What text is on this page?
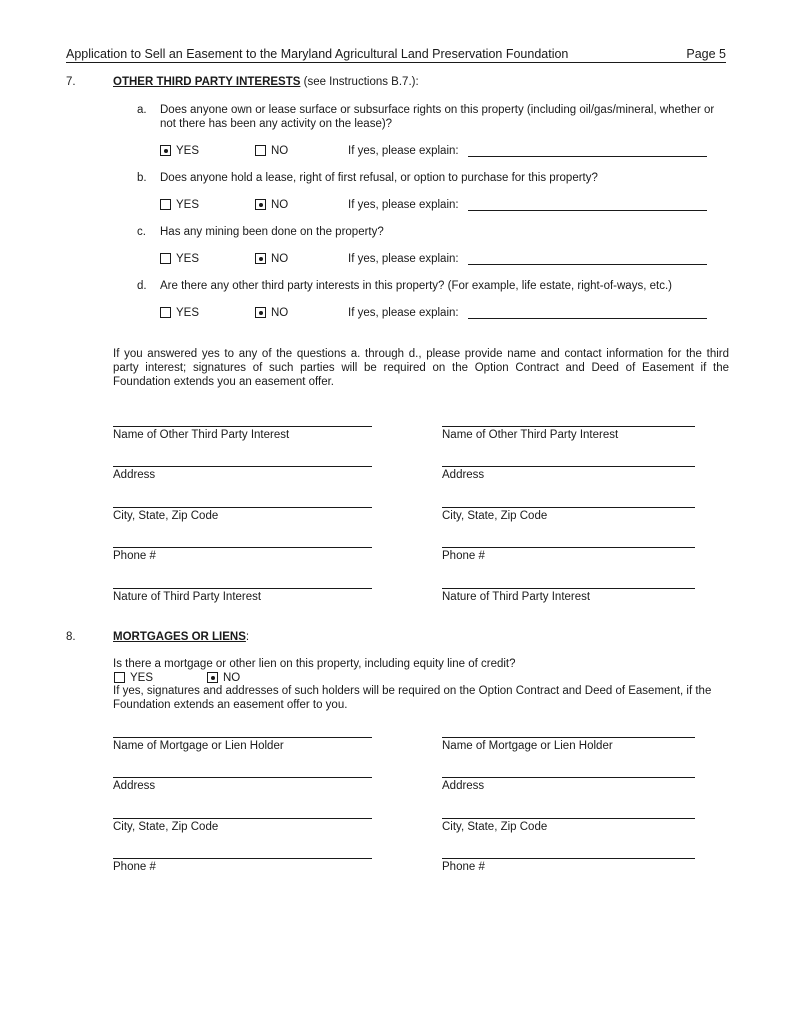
Application to Sell an Easement to the Maryland Agricultural Land Preservation Foundation	Page 5
7.	OTHER THIRD PARTY INTERESTS (see Instructions B.7.):
a. Does anyone own or lease surface or subsurface rights on this property (including oil/gas/mineral, whether or
not there has been any activity on the lease)?
YES	NO	If yes, please explain:
b. Does anyone hold a lease, right of first refusal, or option to purchase for this property?
YES	NO	If yes, please explain:
c. Has any mining been done on the property?
YES	NO	If yes, please explain:
d. Are there any other third party interests in this property? (For example, life estate, right-of-ways, etc.)
YES	NO	If yes, please explain:
If you answered yes to any of the questions a. through d., please provide name and contact information for the third
party interest; signatures of such parties will be required on the Option Contract and Deed of Easement if the
Foundation extends you an easement offer.
Name of Other Third Party Interest
Address
City, State, Zip Code
Phone #
Nature of Third Party Interest
Name of Other Third Party Interest
Address
City, State, Zip Code
Phone #
Nature of Third Party Interest
8.	MORTGAGES OR LIENS:
Is there a mortgage or other lien on this property, including equity line of credit?
YES	NO
If yes, signatures and addresses of such holders will be required on the Option Contract and Deed of Easement, if the
Foundation extends an easement offer to you.
Name of Mortgage or Lien Holder
Address
City, State, Zip Code
Phone #
Name of Mortgage or Lien Holder
Address
City, State, Zip Code
Phone #
